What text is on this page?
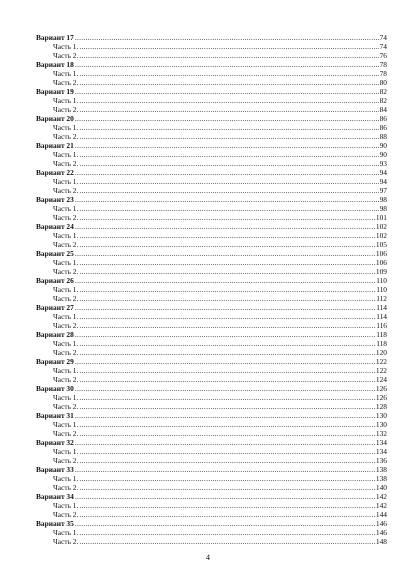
Вариант 17 .....	74
Часть 1. .....	74
Часть 2. .....	76
Вариант 18 .....	78
Часть 1. .....	78
Часть 2. .....	80
Вариант 19 .....	82
Часть 1. .....	82
Часть 2. .....	84
Вариант 20 .....	86
Часть 1. .....	86
Часть 2. .....	88
Вариант 21 .....	90
Часть 1. .....	90
Часть 2. .....	93
Вариант 22 .....	94
Часть 1. .....	94
Часть 2. .....	97
Вариант 23 .....	98
Часть 1. .....	98
Часть 2. .....	101
Вариант 24 .....	102
Часть 1. .....	102
Часть 2. .....	105
Вариант 25 .....	106
Часть 1. .....	106
Часть 2. .....	109
Вариант 26 .....	110
Часть 1. .....	110
Часть 2. .....	112
Вариант 27 .....	114
Часть 1. .....	114
Часть 2. .....	116
Вариант 28 .....	118
Часть 1. .....	118
Часть 2. .....	120
Вариант 29 .....	122
Часть 1. .....	122
Часть 2. .....	124
Вариант 30 .....	126
Часть 1. .....	126
Часть 2. .....	128
Вариант 31 .....	130
Часть 1. .....	130
Часть 2. .....	132
Вариант 32 .....	134
Часть 1. .....	134
Часть 2. .....	136
Вариант 33 .....	138
Часть 1. .....	138
Часть 2. .....	140
Вариант 34 .....	142
Часть 1. .....	142
Часть 2. .....	144
Вариант 35 .....	146
Часть 1. .....	146
Часть 2. .....	148
4
